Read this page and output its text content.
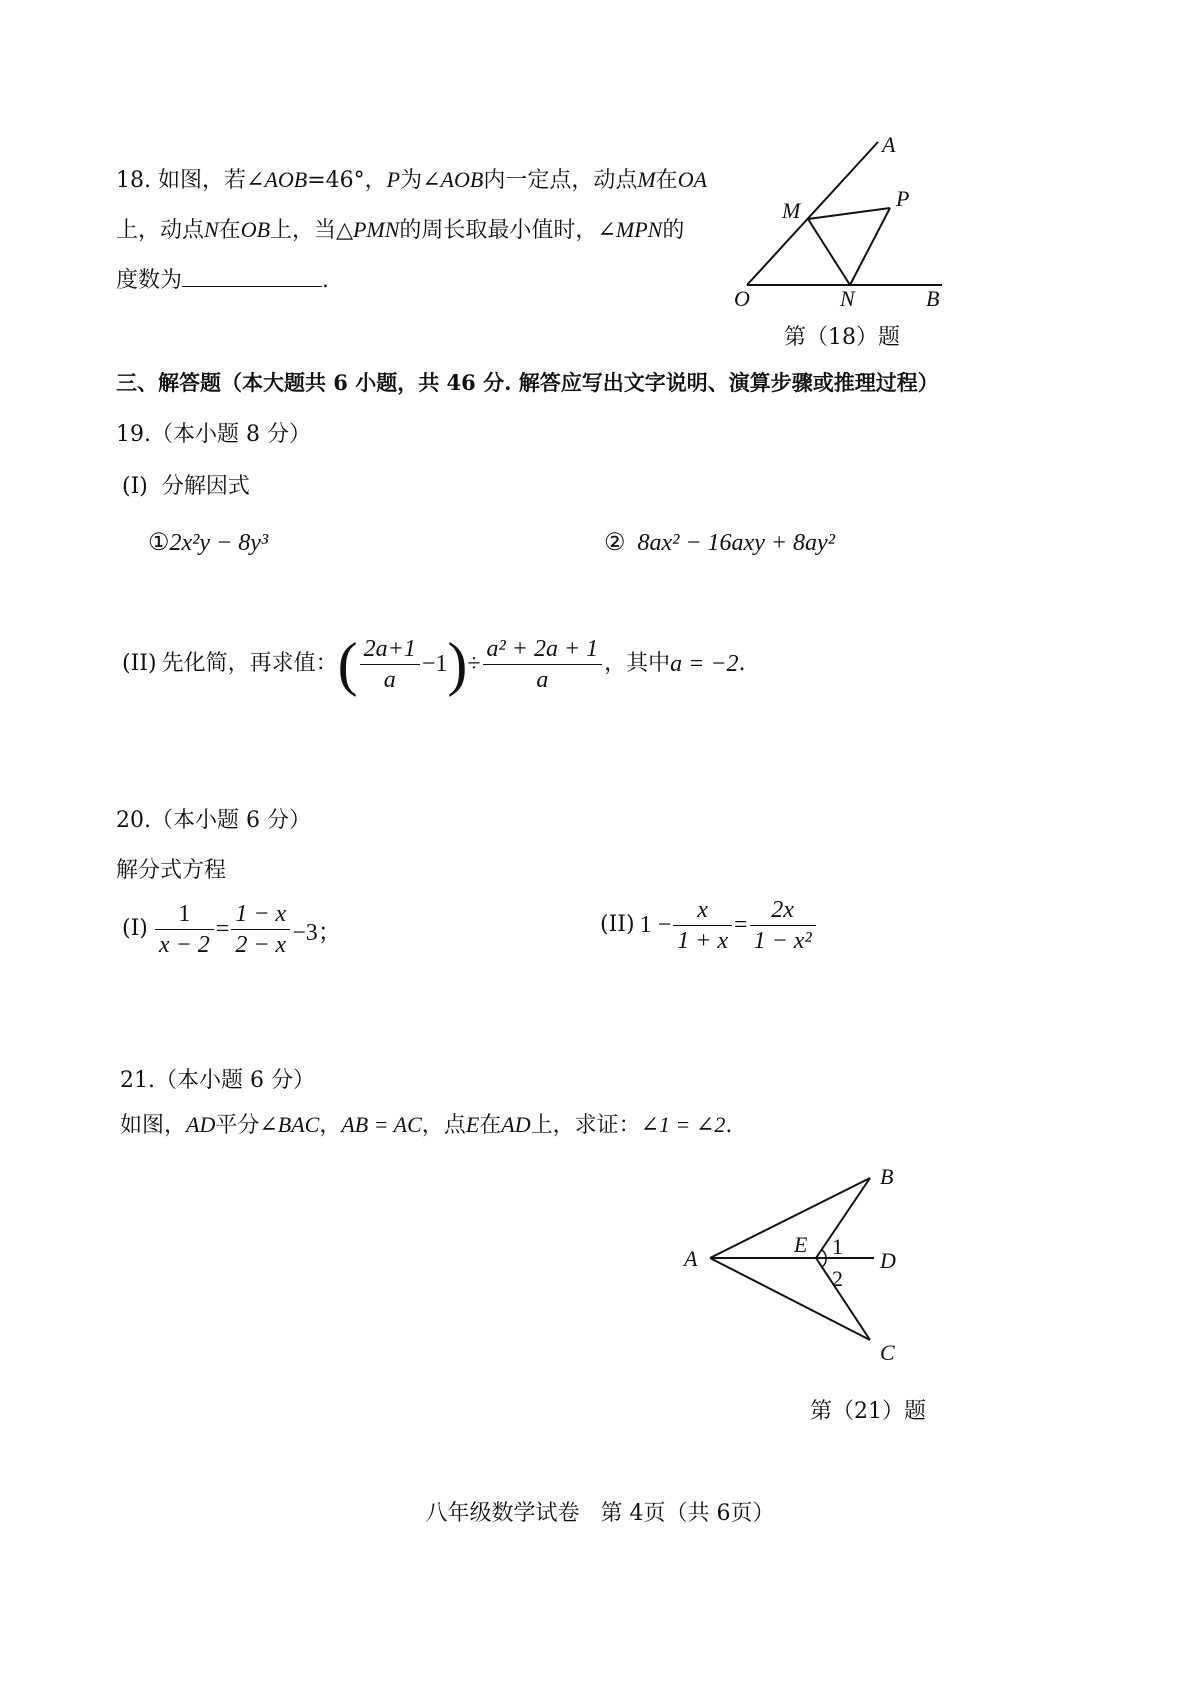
18. 如图，若∠AOB=46°，P为∠AOB内一定点，动点M在OA
上，动点N在OB上，当△PMN的周长取最小值时，∠MPN的
度数为	.
A
P
M
O	N	B
第（18）题
三、解答题（本大题共 6 小题，共 46 分. 解答应写出文字说明、演算步骤或推理过程）
19.（本小题 8 分）
(I) 分解因式
①2x²y − 8y³	② 8ax² − 16axy + 8ay²
(II)
先化简，再求值： ( $\frac{2a+1}{a} -1$ ) ÷ $\frac{\text{a² + 2a + 1}}{a}$ ，其中 a = −2 .
20.（本小题 6 分）
解分式方程
(I)
$\frac{1}{x - 2} = \frac{1 - x}{2 - x} -3$；	(II)
$1 - \frac{x}{1 + x} = \frac{2x}{\text{1 − x²}}$
21.（本小题 6 分）
如图，AD平分∠BAC，AB = AC，点E在AD上，求证：∠1 = ∠2.
A
B
C
D
E 1
2
第（21）题
八年级数学试卷   第 4页（共 6页）
